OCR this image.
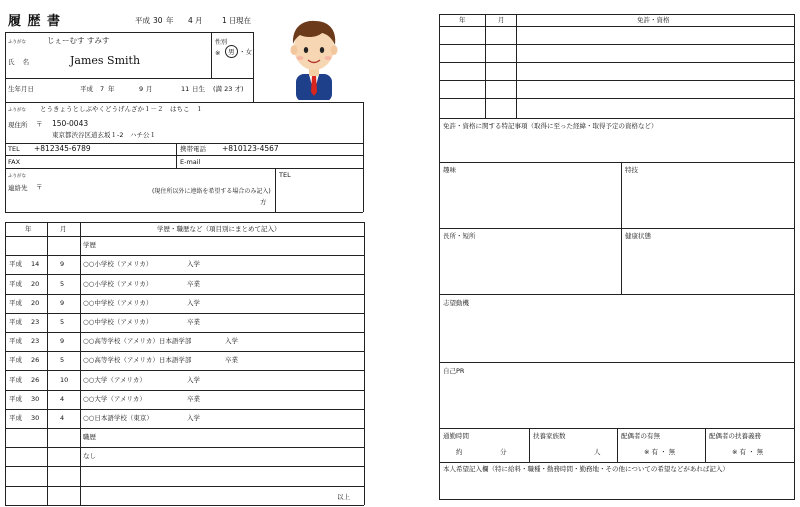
履 歴 書	平成 30 年 4 月	1 日 現在
ふりがな	じぇーむす すみす
氏 名	James Smith
性別
※ 男 ・女
生年月日	平成 7 年	9 月	11 日生 (満 23 才)
ふりがな とうきょうとしぶやくどうげんざか１－２　はちこ　１
現住所 〒 150-0043
東京都渋谷区道玄坂１-2　ハチ公１
TEL +812345-6789	携帯電話 +810123-4567
FAX	E-mail
ふりがな
連絡先 〒
(現住所以外に連絡を希望する場合のみ記入)
方
TEL
年	月	学歴・職歴など（項目別にまとめて記入）
学歴
平成 14	9	○○小学校（アメリカ）	入学
平成 20	5	○○小学校（アメリカ）	卒業
平成 20	9	○○中学校（アメリカ）	入学
平成 23	5	○○中学校（アメリカ）	卒業
平成 23	9	○○高等学校（アメリカ）日本語学部	入学
平成 26	5	○○高等学校（アメリカ）日本語学部	卒業
平成 26	10 ○○大学（アメリカ）	入学
平成 30	4	○○大学（アメリカ）	卒業
平成 30	4	○○日本語学校（東京）	入学
職歴
なし
以上
年	月	免許・資格
免許・資格に関する特記事項（取得に至った経緯・取得予定の資格など）
趣味	特技
長所・短所	健康状態
志望動機
自己PR
通勤時間
約	分
扶養家族数
人
配偶者の有無
※ 有 ・ 無
配偶者の扶養義務
※ 有 ・ 無
本人希望記入欄（特に給料・職種・勤務時間・勤務地・その他についての希望などがあれば記入）
